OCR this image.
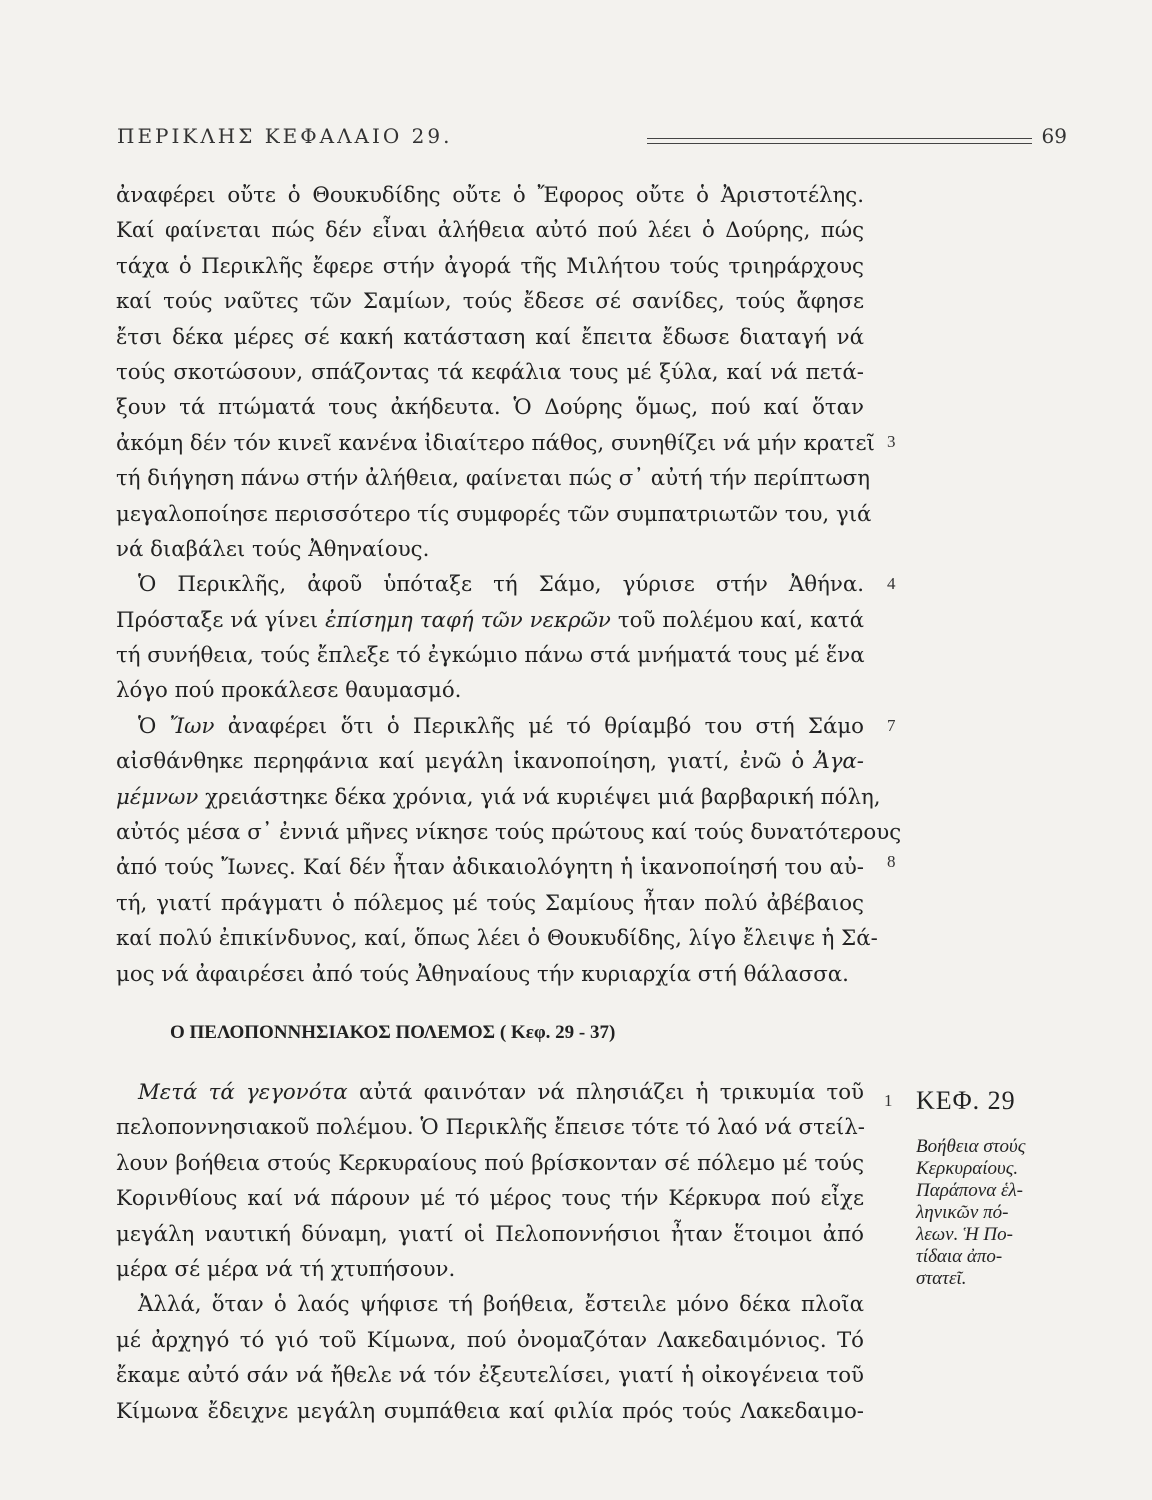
ΠΕΡΙΚΛΗΣ ΚΕΦΑΛΑΙΟ 29.	69
ἀναφέρει οὔτε ὁ Θουκυδίδης οὔτε ὁ Ἔφορος οὔτε ὁ Ἀριστοτέλης.
Καί φαίνεται πώς δέν εἶναι ἀλήθεια αὐτό πού λέει ὁ Δούρης, πώς
τάχα ὁ Περικλῆς ἔφερε στήν ἀγορά τῆς Μιλήτου τούς τριηράρχους
καί τούς ναῦτες τῶν Σαμίων, τούς ἔδεσε σέ σανίδες, τούς ἄφησε
ἔτσι δέκα μέρες σέ κακή κατάσταση καί ἔπειτα ἔδωσε διαταγή νά
τούς σκοτώσουν, σπάζοντας τά κεφάλια τους μέ ξύλα, καί νά πετά-
ξουν τά πτώματά τους ἀκήδευτα. Ὁ Δούρης ὅμως, πού καί ὅταν
ἀκόμη δέν τόν κινεῖ κανένα ἰδιαίτερο πάθος, συνηθίζει νά μήν κρατεῖ
τή διήγηση πάνω στήν ἀλήθεια, φαίνεται πώς σ᾽ αὐτή τήν περίπτωση
μεγαλοποίησε περισσότερο τίς συμφορές τῶν συμπατριωτῶν του, γιά
νά διαβάλει τούς Ἀθηναίους.
Ὁ Περικλῆς, ἀφοῦ ὑπόταξε τή Σάμο, γύρισε στήν Ἀθήνα.
Πρόσταξε νά γίνει ἐπίσημη ταφή τῶν νεκρῶν τοῦ πολέμου καί, κατά
τή συνήθεια, τούς ἔπλεξε τό ἐγκώμιο πάνω στά μνήματά τους μέ ἕνα
λόγο πού προκάλεσε θαυμασμό.
Ὁ Ἴων ἀναφέρει ὅτι ὁ Περικλῆς μέ τό θρίαμβό του στή Σάμο
αἰσθάνθηκε περηφάνια καί μεγάλη ἱκανοποίηση, γιατί, ἐνῶ ὁ Ἀγα-
μέμνων χρειάστηκε δέκα χρόνια, γιά νά κυριέψει μιά βαρβαρική πόλη,
αὐτός μέσα σ᾽ ἐννιά μῆνες νίκησε τούς πρώτους καί τούς δυνατότερους
ἀπό τούς Ἴωνες. Καί δέν ἦταν ἀδικαιολόγητη ἡ ἱκανοποίησή του αὐ-
τή, γιατί πράγματι ὁ πόλεμος μέ τούς Σαμίους ἦταν πολύ ἀβέβαιος
καί πολύ ἐπικίνδυνος, καί, ὅπως λέει ὁ Θουκυδίδης, λίγο ἔλειψε ἡ Σά-
μος νά ἀφαιρέσει ἀπό τούς Ἀθηναίους τήν κυριαρχία στή θάλασσα.
3
4
7
8
1
Ο ΠΕΛΟΠΟΝΝΗΣΙΑΚΟΣ ΠΟΛΕΜΟΣ ( Κεφ. 29 - 37)
Μετά τά γεγονότα αὐτά φαινόταν νά πλησιάζει ἡ τρικυμία τοῦ
πελοποννησιακοῦ πολέμου. Ὁ Περικλῆς ἔπεισε τότε τό λαό νά στείλ-
λουν βοήθεια στούς Κερκυραίους πού βρίσκονταν σέ πόλεμο μέ τούς
Κορινθίους καί νά πάρουν μέ τό μέρος τους τήν Κέρκυρα πού εἶχε
μεγάλη ναυτική δύναμη, γιατί οἱ Πελοποννήσιοι ἦταν ἕτοιμοι ἀπό
μέρα σέ μέρα νά τή χτυπήσουν.
Ἀλλά, ὅταν ὁ λαός ψήφισε τή βοήθεια, ἔστειλε μόνο δέκα πλοῖα
μέ ἀρχηγό τό γιό τοῦ Κίμωνα, πού ὀνομαζόταν Λακεδαιμόνιος. Τό
ἔκαμε αὐτό σάν νά ἤθελε νά τόν ἐξευτελίσει, γιατί ἡ οἰκογένεια τοῦ
Κίμωνα ἔδειχνε μεγάλη συμπάθεια καί φιλία πρός τούς Λακεδαιμο-
ΚΕΦ. 29
Βοήθεια στούς
Κερκυραίους.
Παράπονα ἑλ-
ληνικῶν πό-
λεων. Ἡ Πο-
τίδαια ἀπο-
στατεῖ.
